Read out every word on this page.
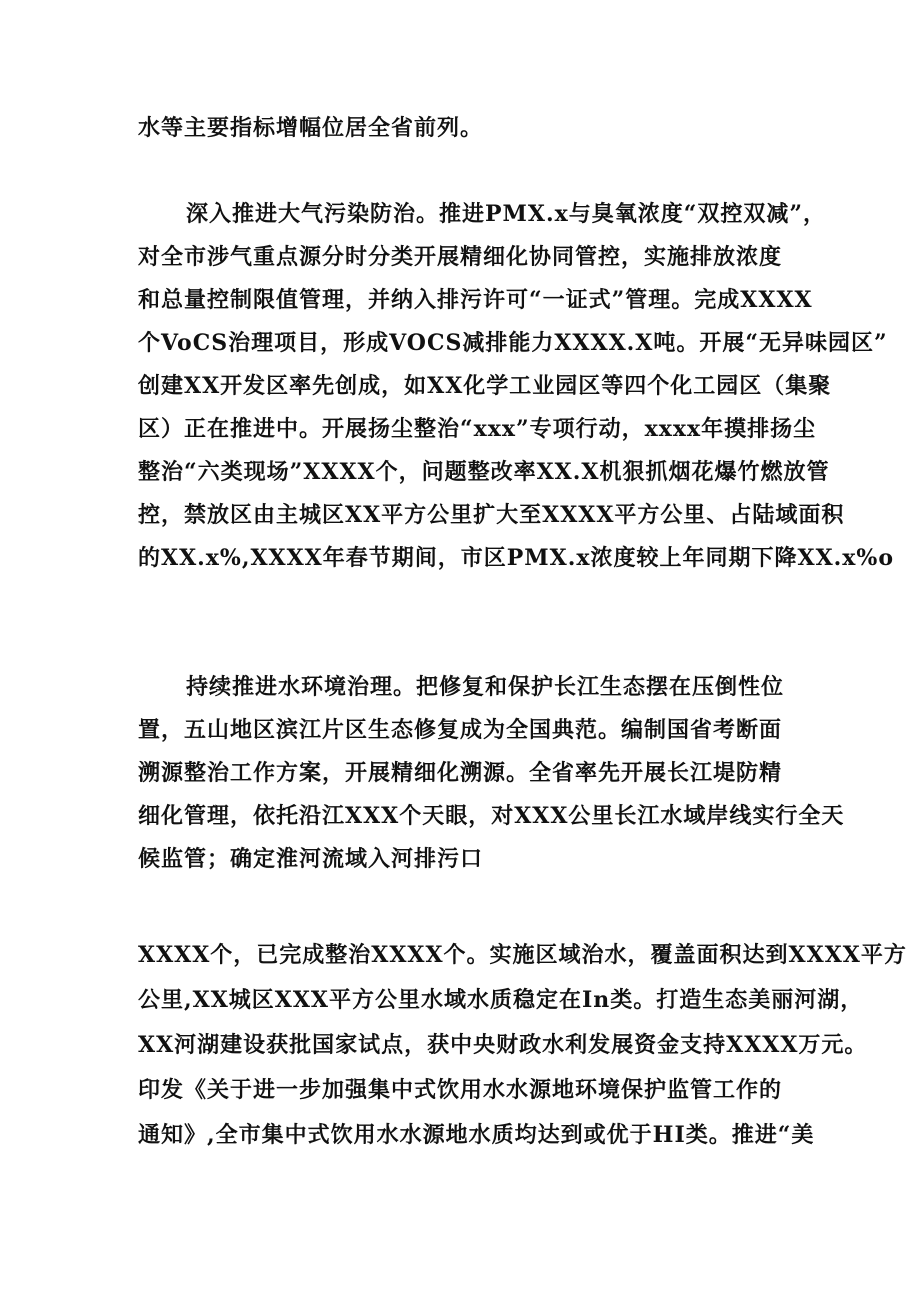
水等主要指标增幅位居全省前列。
深入推进大气污染防治。推进PMX.x与臭氧浓度“双控双减”，
对全市涉气重点源分时分类开展精细化协同管控，实施排放浓度
和总量控制限值管理，并纳入排污许可“一证式”管理。完成XXXX
个VoCS治理项目，形成VOCS减排能力XXXX.X吨。开展“无异味园区”
创建XX开发区率先创成，如XX化学工业园区等四个化工园区（集聚
区）正在推进中。开展扬尘整治“xxx”专项行动，xxxx年摸排扬尘
整治“六类现场”XXXX个，问题整改率XX.X机狠抓烟花爆竹燃放管
控，禁放区由主城区XX平方公里扩大至XXXX平方公里、占陆域面积
的XX.x%,XXXX年春节期间，市区PMX.x浓度较上年同期下降XX.x%o
持续推进水环境治理。把修复和保护长江生态摆在压倒性位
置，五山地区滨江片区生态修复成为全国典范。编制国省考断面
溯源整治工作方案，开展精细化溯源。全省率先开展长江堤防精
细化管理，依托沿江XXX个天眼，对XXX公里长江水域岸线实行全天
候监管；确定淮河流域入河排污口
XXXX个，已完成整治XXXX个。实施区域治水，覆盖面积达到XXXX平方
公里,XX城区XXX平方公里水域水质稳定在In类。打造生态美丽河湖，
XX河湖建设获批国家试点，获中央财政水利发展资金支持XXXX万元。
印发《关于进一步加强集中式饮用水水源地环境保护监管工作的
通知》,全市集中式饮用水水源地水质均达到或优于HI类。推进“美
